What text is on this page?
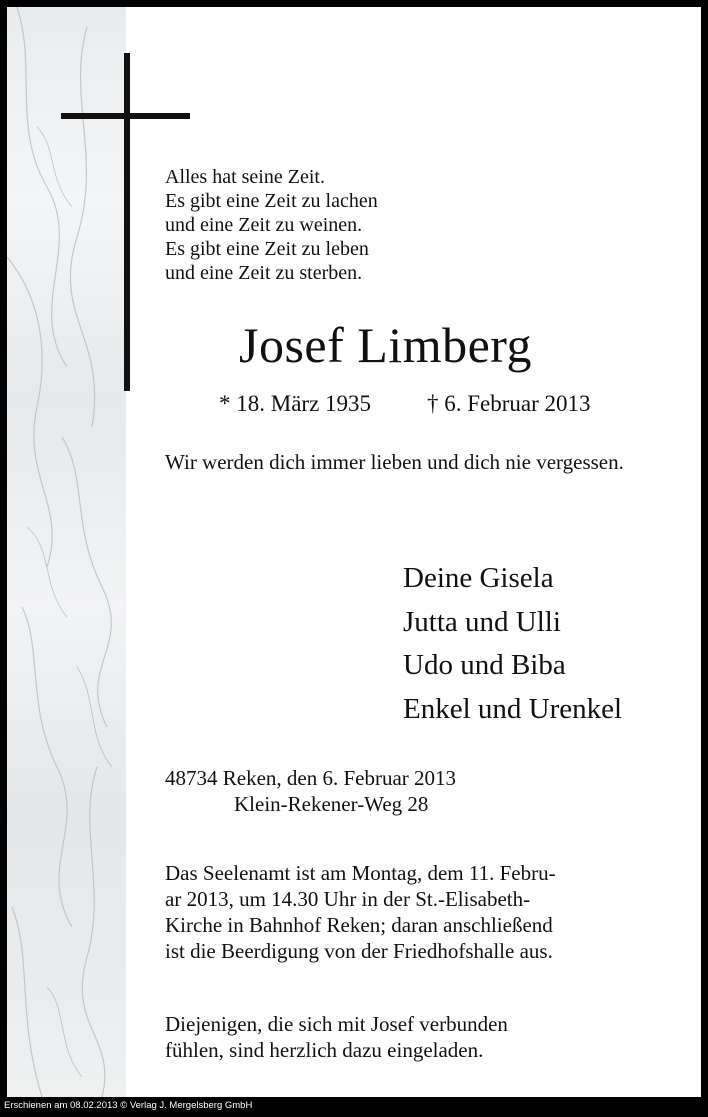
Alles hat seine Zeit.
Es gibt eine Zeit zu lachen
und eine Zeit zu weinen.
Es gibt eine Zeit zu leben
und eine Zeit zu sterben.
Josef Limberg
* 18. März 1935 † 6. Februar 2013
Wir werden dich immer lieben und dich nie vergessen.
Deine Gisela
Jutta und Ulli
Udo und Biba
Enkel und Urenkel
48734 Reken, den 6. Februar 2013
Klein-Rekener-Weg 28
Das Seelenamt ist am Montag, dem 11. Febru-
ar 2013, um 14.30 Uhr in der St.-Elisabeth-
Kirche in Bahnhof Reken; daran anschließend
ist die Beerdigung von der Friedhofshalle aus.
Diejenigen, die sich mit Josef verbunden
fühlen, sind herzlich dazu eingeladen.
Erschienen am 08.02.2013 © Verlag J. Mergelsberg GmbH
